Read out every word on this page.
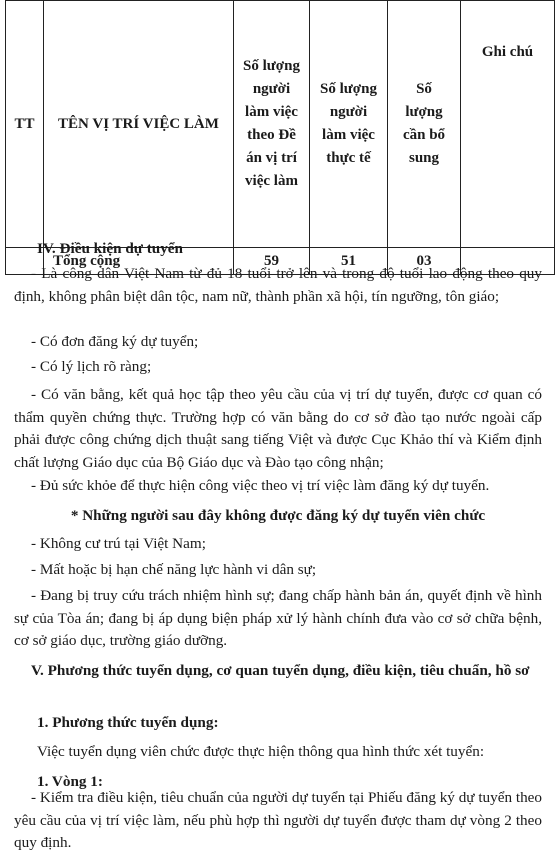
TT	TÊN VỊ TRÍ VIỆC LÀM	Số lượng người làm việc theo Đề án vị trí việc làm	Số lượng người làm việc thực tế	Số lượng cần bổ sung	Ghi chú
	Tổng cộng	59	51	03	

IV. Điều kiện dự tuyển

- Là công dân Việt Nam từ đủ 18 tuổi trở lên và trong độ tuổi lao động theo quy định, không phân biệt dân tộc, nam nữ, thành phần xã hội, tín ngưỡng, tôn giáo;

- Có đơn đăng ký dự tuyển;

- Có lý lịch rõ ràng;

- Có văn bằng, kết quả học tập theo yêu cầu của vị trí dự tuyển, được cơ quan có thẩm quyền chứng thực. Trường hợp có văn bằng do cơ sở đào tạo nước ngoài cấp phải được công chứng dịch thuật sang tiếng Việt và được Cục Khảo thí và Kiểm định chất lượng Giáo dục của Bộ Giáo dục và Đào tạo công nhận;

- Đủ sức khỏe để thực hiện công việc theo vị trí việc làm đăng ký dự tuyển.

* Những người sau đây không được đăng ký dự tuyển viên chức

- Không cư trú tại Việt Nam;

- Mất hoặc bị hạn chế năng lực hành vi dân sự;

- Đang bị truy cứu trách nhiệm hình sự; đang chấp hành bản án, quyết định về hình sự của Tòa án; đang bị áp dụng biện pháp xử lý hành chính đưa vào cơ sở chữa bệnh, cơ sở giáo dục, trường giáo dưỡng.

V. Phương thức tuyển dụng, cơ quan tuyển dụng, điều kiện, tiêu chuẩn, hồ sơ

1. Phương thức tuyển dụng:

Việc tuyển dụng viên chức được thực hiện thông qua hình thức xét tuyển:

1. Vòng 1:

- Kiểm tra điều kiện, tiêu chuẩn của người dự tuyển tại Phiếu đăng ký dự tuyển theo yêu cầu của vị trí việc làm, nếu phù hợp thì người dự tuyển được tham dự vòng 2 theo quy định.
